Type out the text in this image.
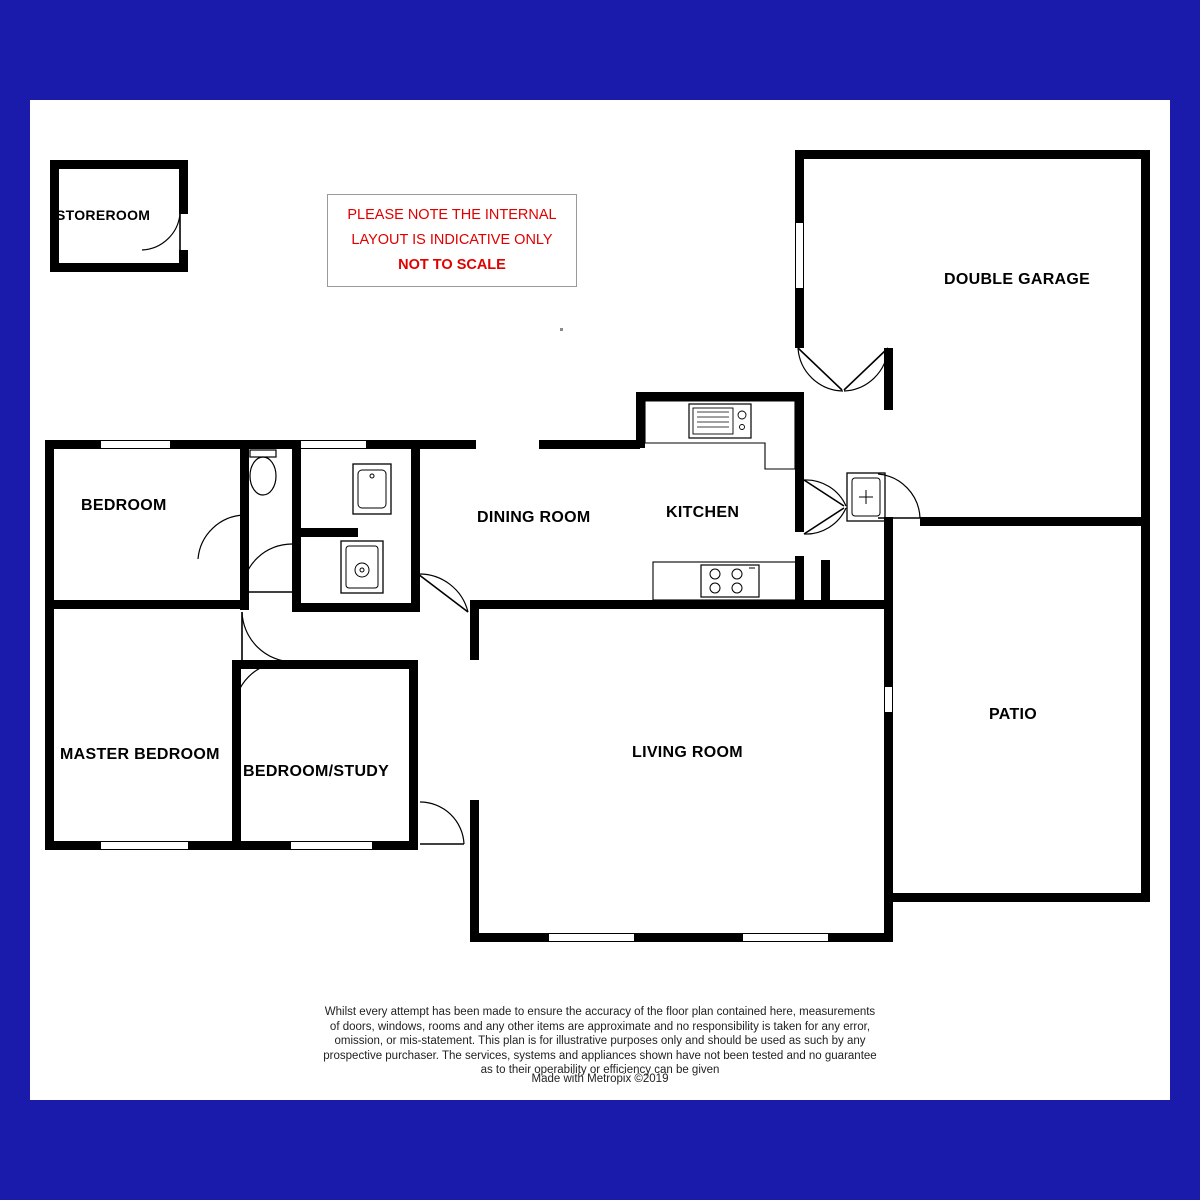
STOREROOM	PLEASE NOTE THE INTERNAL
LAYOUT IS INDICATIVE ONLY
NOT TO SCALE
DOUBLE GARAGE
PATIO
BEDROOM
MASTER BEDROOM
BEDROOM/STUDY
DINING ROOM	KITCHEN
LIVING ROOM
Whilst every attempt has been made to ensure the accuracy of the floor plan contained here, measurements
of doors, windows, rooms and any other items are approximate and no responsibility is taken for any error,
omission, or mis-statement. This plan is for illustrative purposes only and should be used as such by any
prospective purchaser. The services, systems and appliances shown have not been tested and no guarantee
as to their operability or efficiency can be given
Made with Metropix ©2019
